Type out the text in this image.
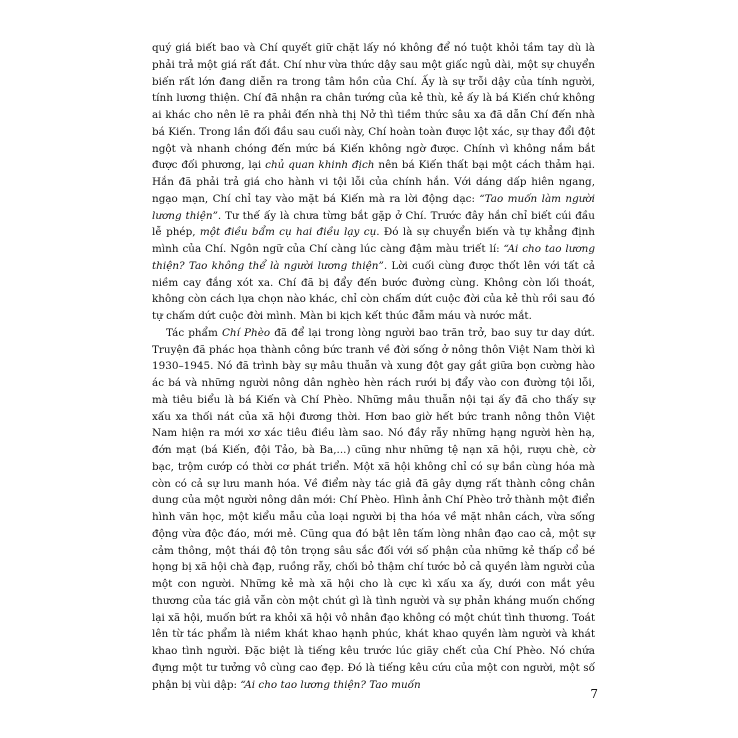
quý giá biết bao và Chí quyết giữ chặt lấy nó không để nó tuột khỏi tầm tay dù là phải trả một giá rất đắt. Chí như vừa thức dậy sau một giấc ngủ dài, một sự chuyển biến rất lớn đang diễn ra trong tâm hồn của Chí. Ấy là sự trỗi dậy của tính người, tính lương thiện. Chí đã nhận ra chân tướng của kẻ thù, kẻ ấy là bá Kiến chứ không ai khác cho nên lẽ ra phải đến nhà thị Nở thì tiềm thức sâu xa đã dẫn Chí đến nhà bá Kiến. Trong lần đối đầu sau cuối này, Chí hoàn toàn được lột xác, sự thay đổi đột ngột và nhanh chóng đến mức bá Kiến không ngờ được. Chính vì không nắm bắt được đối phương, lại chủ quan khinh địch nên bá Kiến thất bại một cách thảm hại. Hắn đã phải trả giá cho hành vi tội lỗi của chính hắn. Với dáng dấp hiên ngang, ngạo mạn, Chí chỉ tay vào mặt bá Kiến mà ra lời động dạc: “Tao muốn làm người lương thiện”. Tư thế ấy là chưa từng bắt gặp ở Chí. Trước đây hắn chỉ biết cúi đầu lễ phép, một điều bẩm cụ hai điều lạy cụ. Đó là sự chuyển biến và tự khẳng định mình của Chí. Ngôn ngữ của Chí càng lúc càng đậm màu triết lí: “Ai cho tao lương thiện? Tao không thể là người lương thiện”. Lời cuối cùng được thốt lên với tất cả niềm cay đắng xót xa. Chí đã bị đẩy đến bước đường cùng. Không còn lối thoát, không còn cách lựa chọn nào khác, chỉ còn chấm dứt cuộc đời của kẻ thù rồi sau đó tự chấm dứt cuộc đời mình. Màn bi kịch kết thúc đẫm máu và nước mắt.

Tác phẩm Chí Phèo đã để lại trong lòng người bao trăn trở, bao suy tư day dứt. Truyện đã phác họa thành công bức tranh về đời sống ở nông thôn Việt Nam thời kì 1930–1945. Nó đã trình bày sự mâu thuẫn và xung đột gay gắt giữa bọn cường hào ác bá và những người nông dân nghèo hèn rách rưới bị đẩy vào con đường tội lỗi, mà tiêu biểu là bá Kiến và Chí Phèo. Những mâu thuẫn nội tại ấy đã cho thấy sự xấu xa thối nát của xã hội đương thời. Hơn bao giờ hết bức tranh nông thôn Việt Nam hiện ra mới xơ xác tiêu điều làm sao. Nó đầy rẫy những hạng người hèn hạ, đớn mạt (bá Kiến, đội Tảo, bà Ba,...) cũng như những tệ nạn xã hội, rượu chè, cờ bạc, trộm cướp có thời cơ phát triển. Một xã hội không chỉ có sự bần cùng hóa mà còn có cả sự lưu manh hóa. Về điểm này tác giả đã gây dựng rất thành công chân dung của một người nông dân mới: Chí Phèo. Hình ảnh Chí Phèo trở thành một điển hình văn học, một kiểu mẫu của loại người bị tha hóa về mặt nhân cách, vừa sống động vừa độc đáo, mới mẻ. Cũng qua đó bật lên tấm lòng nhân đạo cao cả, một sự cảm thông, một thái độ tôn trọng sâu sắc đối với số phận của những kẻ thấp cổ bé họng bị xã hội chà đạp, ruồng rẫy, chối bỏ thậm chí tước bỏ cả quyền làm người của một con người. Những kẻ mà xã hội cho là cực kì xấu xa ấy, dưới con mắt yêu thương của tác giả vẫn còn một chút gì là tình người và sự phản kháng muốn chống lại xã hội, muốn bứt ra khỏi xã hội vô nhân đạo không có một chút tình thương. Toát lên từ tác phẩm là niềm khát khao hạnh phúc, khát khao quyền làm người và khát khao tình người. Đặc biệt là tiếng kêu trước lúc giãy chết của Chí Phèo. Nó chứa đựng một tư tưởng vô cùng cao đẹp. Đó là tiếng kêu cứu của một con người, một số phận bị vùi dập: “Ai cho tao lương thiện? Tao muốn

7
